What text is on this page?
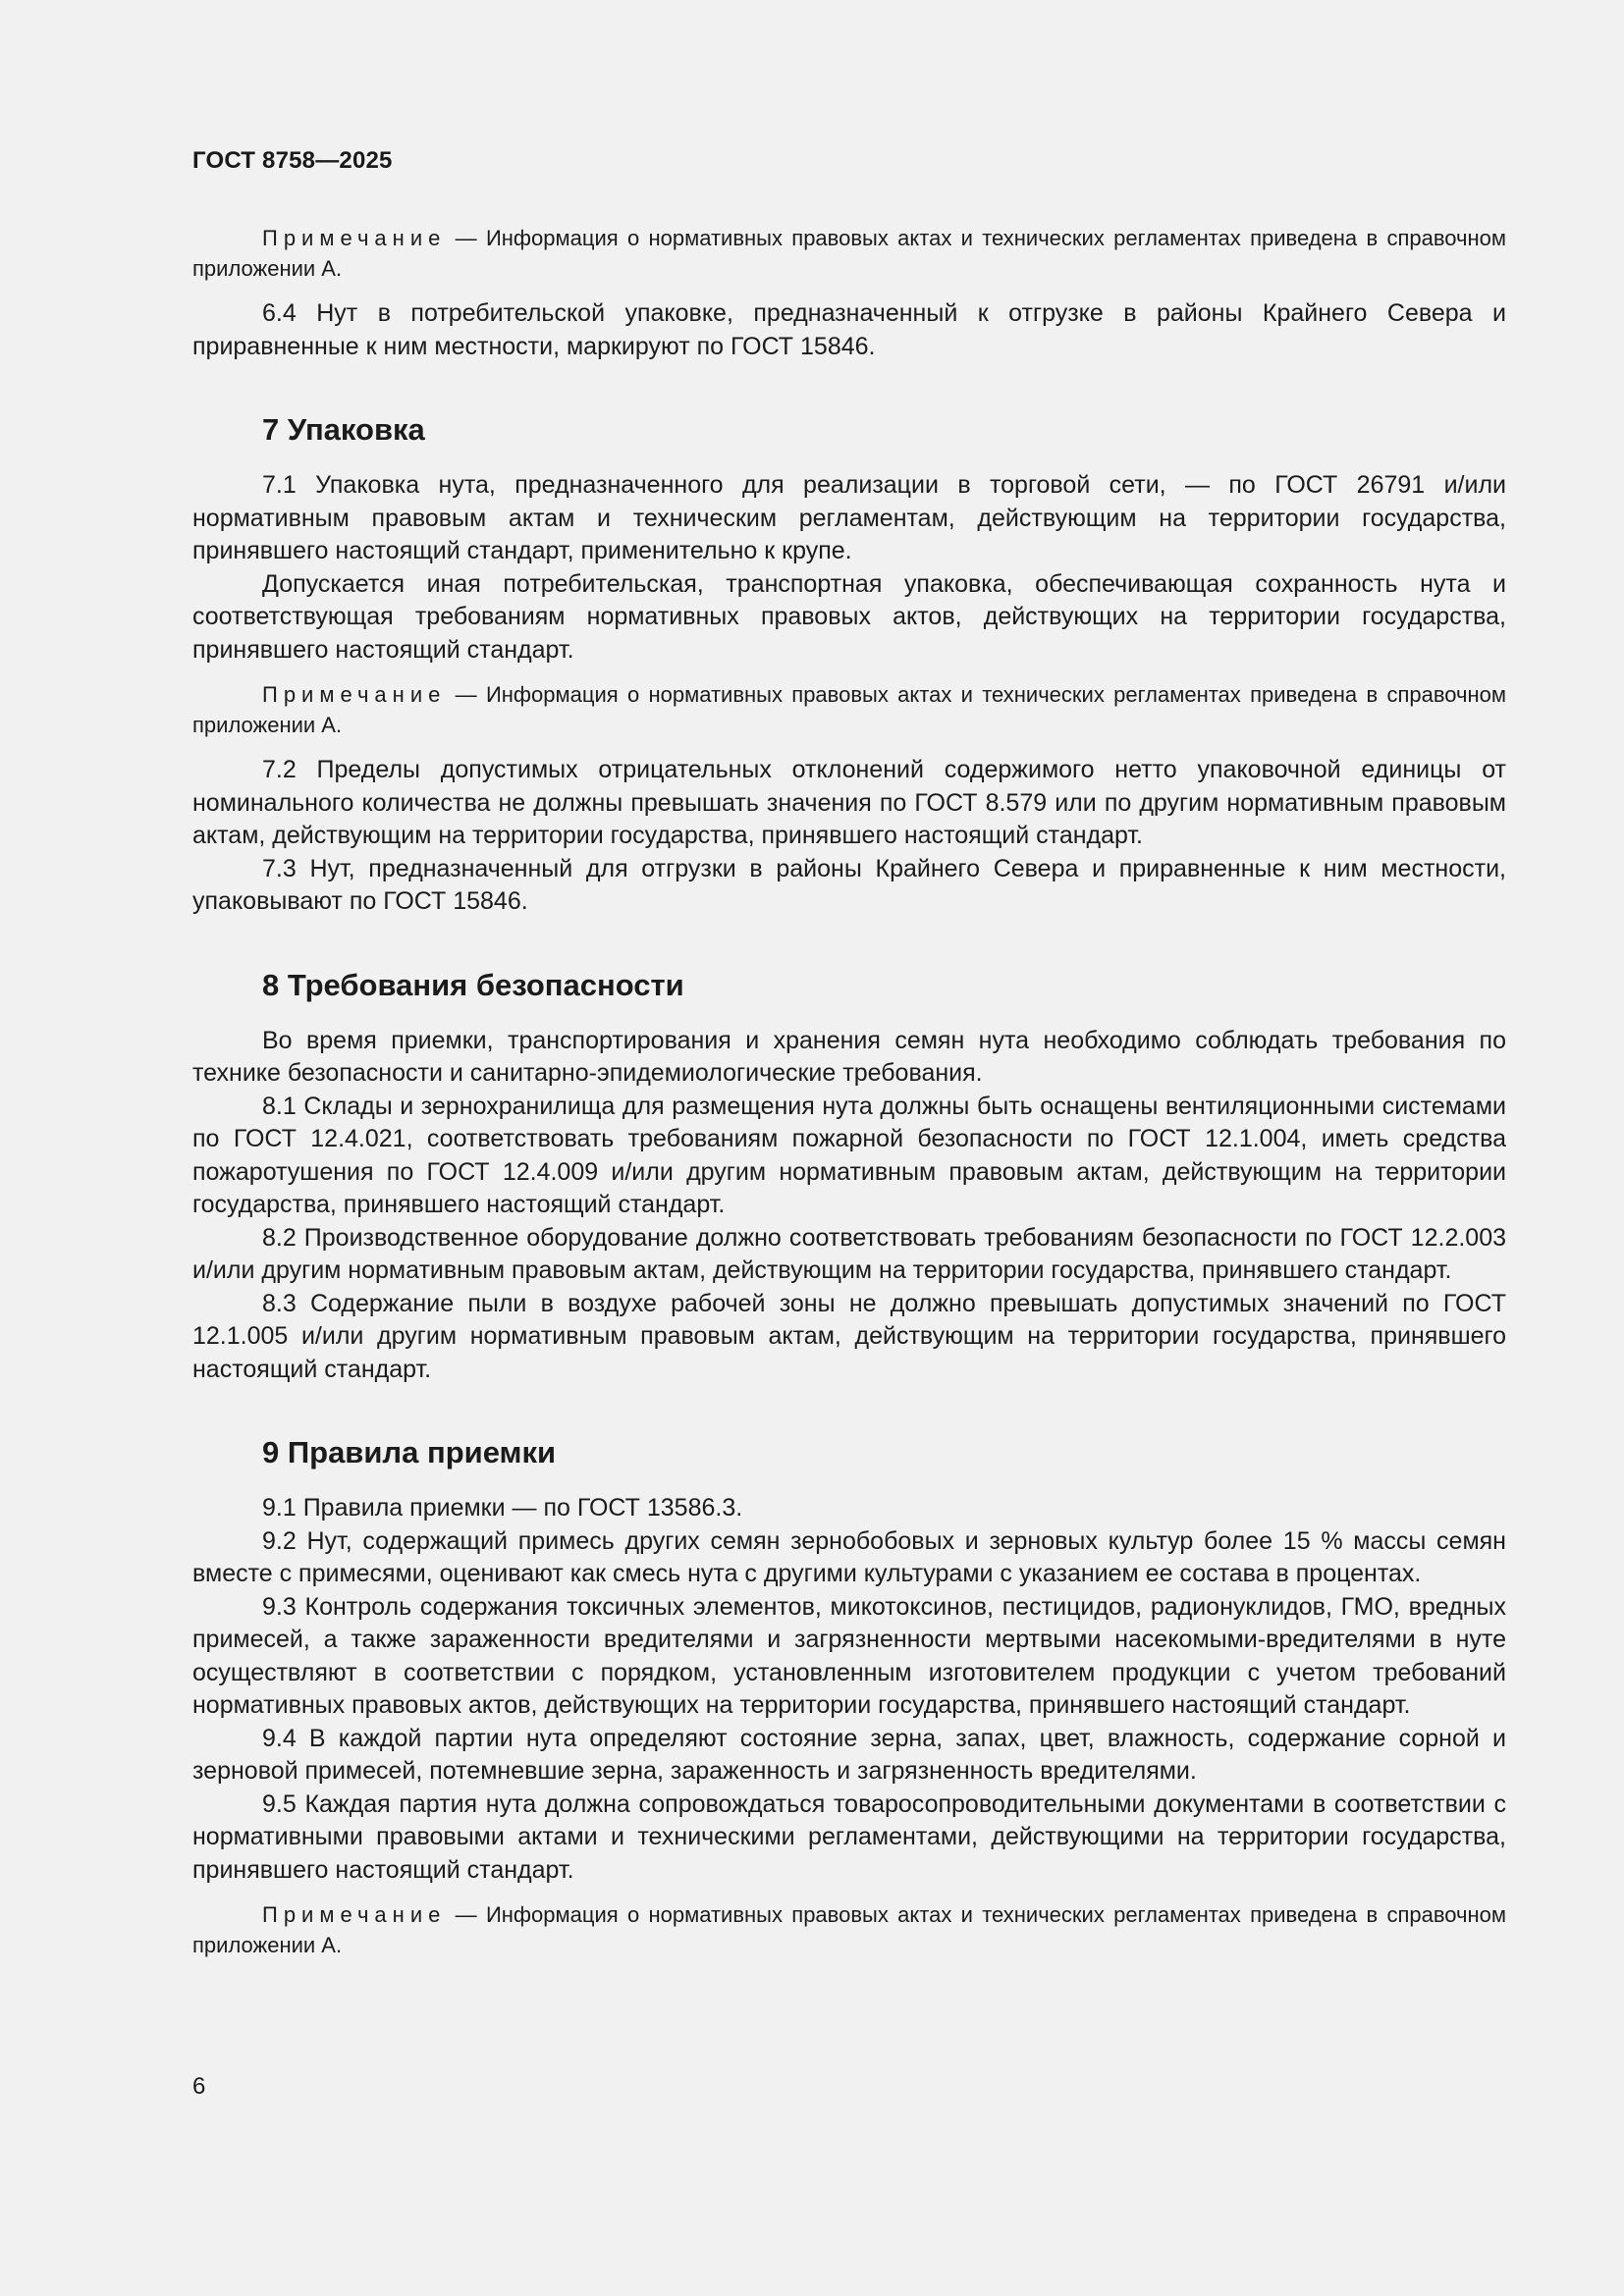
ГОСТ 8758—2025

Примечание — Информация о нормативных правовых актах и технических регламентах приведена в справочном приложении А.

6.4 Нут в потребительской упаковке, предназначенный к отгрузке в районы Крайнего Севера и приравненные к ним местности, маркируют по ГОСТ 15846.

7 Упаковка

7.1 Упаковка нута, предназначенного для реализации в торговой сети, — по ГОСТ 26791 и/или нормативным правовым актам и техническим регламентам, действующим на территории государства, принявшего настоящий стандарт, применительно к крупе.

Допускается иная потребительская, транспортная упаковка, обеспечивающая сохранность нута и соответствующая требованиям нормативных правовых актов, действующих на территории государства, принявшего настоящий стандарт.

Примечание — Информация о нормативных правовых актах и технических регламентах приведена в справочном приложении А.

7.2 Пределы допустимых отрицательных отклонений содержимого нетто упаковочной единицы от номинального количества не должны превышать значения по ГОСТ 8.579 или по другим нормативным правовым актам, действующим на территории государства, принявшего настоящий стандарт.

7.3 Нут, предназначенный для отгрузки в районы Крайнего Севера и приравненные к ним местности, упаковывают по ГОСТ 15846.

8 Требования безопасности

Во время приемки, транспортирования и хранения семян нута необходимо соблюдать требования по технике безопасности и санитарно-эпидемиологические требования.

8.1 Склады и зернохранилища для размещения нута должны быть оснащены вентиляционными системами по ГОСТ 12.4.021, соответствовать требованиям пожарной безопасности по ГОСТ 12.1.004, иметь средства пожаротушения по ГОСТ 12.4.009 и/или другим нормативным правовым актам, действующим на территории государства, принявшего настоящий стандарт.

8.2 Производственное оборудование должно соответствовать требованиям безопасности по ГОСТ 12.2.003 и/или другим нормативным правовым актам, действующим на территории государства, принявшего стандарт.

8.3 Содержание пыли в воздухе рабочей зоны не должно превышать допустимых значений по ГОСТ 12.1.005 и/или другим нормативным правовым актам, действующим на территории государства, принявшего настоящий стандарт.

9 Правила приемки

9.1 Правила приемки — по ГОСТ 13586.3.

9.2 Нут, содержащий примесь других семян зернобобовых и зерновых культур более 15 % массы семян вместе с примесями, оценивают как смесь нута с другими культурами с указанием ее состава в процентах.

9.3 Контроль содержания токсичных элементов, микотоксинов, пестицидов, радионуклидов, ГМО, вредных примесей, а также зараженности вредителями и загрязненности мертвыми насекомыми-вредителями в нуте осуществляют в соответствии с порядком, установленным изготовителем продукции с учетом требований нормативных правовых актов, действующих на территории государства, принявшего настоящий стандарт.

9.4 В каждой партии нута определяют состояние зерна, запах, цвет, влажность, содержание сорной и зерновой примесей, потемневшие зерна, зараженность и загрязненность вредителями.

9.5 Каждая партия нута должна сопровождаться товаросопроводительными документами в соответствии с нормативными правовыми актами и техническими регламентами, действующими на территории государства, принявшего настоящий стандарт.

Примечание — Информация о нормативных правовых актах и технических регламентах приведена в справочном приложении А.

6
